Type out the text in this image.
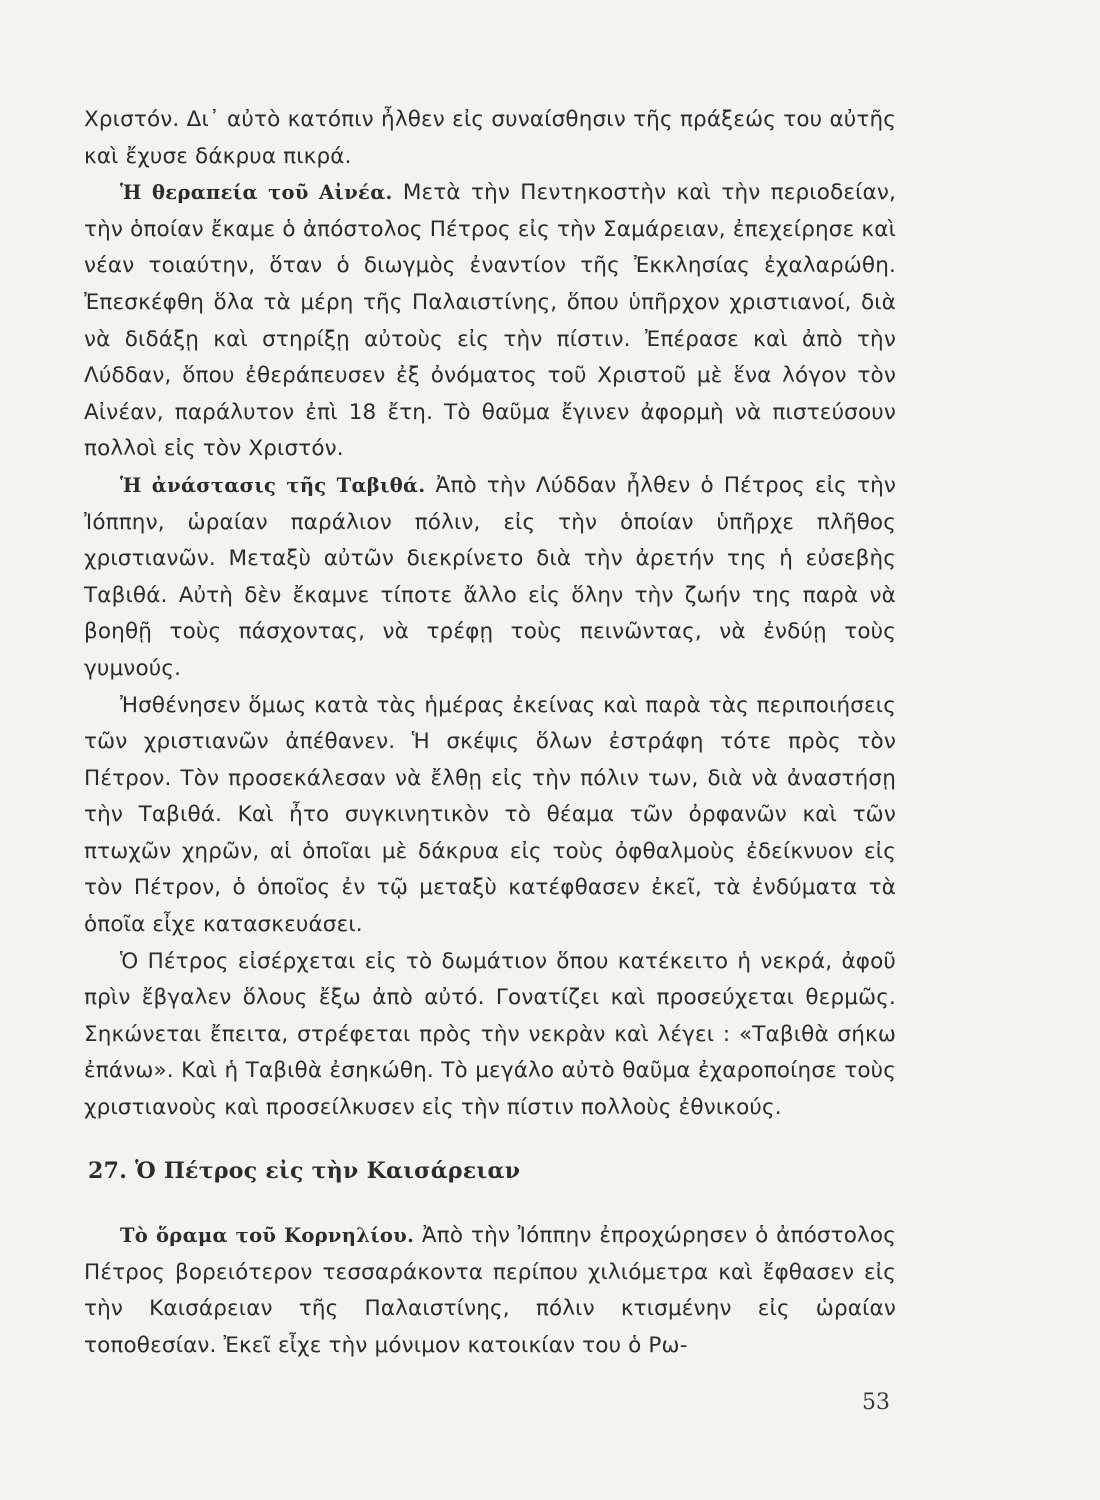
Χριστόν. Δι᾽ αὐτὸ κατόπιν ἦλθεν εἰς συναίσθησιν τῆς πράξεώς του αὐτῆς καὶ ἔχυσε δάκρυα πικρά.

Ἡ θεραπεία τοῦ Αἰνέα. Μετὰ τὴν Πεντηκοστὴν καὶ τὴν περιοδείαν, τὴν ὁποίαν ἔκαμε ὁ ἀπόστολος Πέτρος εἰς τὴν Σαμάρειαν, ἐπεχείρησε καὶ νέαν τοιαύτην, ὅταν ὁ διωγμὸς ἐναντίον τῆς Ἐκκλησίας ἐχαλαρώθη. Ἐπεσκέφθη ὅλα τὰ μέρη τῆς Παλαιστίνης, ὅπου ὑπῆρχον χριστιανοί, διὰ νὰ διδάξῃ καὶ στηρίξῃ αὐτοὺς εἰς τὴν πίστιν. Ἐπέρασε καὶ ἀπὸ τὴν Λύδδαν, ὅπου ἐθεράπευσεν ἐξ ὀνόματος τοῦ Χριστοῦ μὲ ἕνα λόγον τὸν Αἰνέαν, παράλυτον ἐπὶ 18 ἔτη. Τὸ θαῦμα ἔγινεν ἀφορμὴ νὰ πιστεύσουν πολλοὶ εἰς τὸν Χριστόν.

Ἡ ἀνάστασις τῆς Ταβιθά. Ἀπὸ τὴν Λύδδαν ἦλθεν ὁ Πέτρος εἰς τὴν Ἰόππην, ὡραίαν παράλιον πόλιν, εἰς τὴν ὁποίαν ὑπῆρχε πλῆθος χριστιανῶν. Μεταξὺ αὐτῶν διεκρίνετο διὰ τὴν ἀρετήν της ἡ εὐσεβὴς Ταβιθά. Αὐτὴ δὲν ἔκαμνε τίποτε ἄλλο εἰς ὅλην τὴν ζωήν της παρὰ νὰ βοηθῇ τοὺς πάσχοντας, νὰ τρέφῃ τοὺς πεινῶντας, νὰ ἐνδύῃ τοὺς γυμνούς.

Ἠσθένησεν ὅμως κατὰ τὰς ἡμέρας ἐκείνας καὶ παρὰ τὰς περιποιήσεις τῶν χριστιανῶν ἀπέθανεν. Ἡ σκέψις ὅλων ἐστράφη τότε πρὸς τὸν Πέτρον. Τὸν προσεκάλεσαν νὰ ἔλθῃ εἰς τὴν πόλιν των, διὰ νὰ ἀναστήσῃ τὴν Ταβιθά. Καὶ ἦτο συγκινητικὸν τὸ θέαμα τῶν ὀρφανῶν καὶ τῶν πτωχῶν χηρῶν, αἱ ὁποῖαι μὲ δάκρυα εἰς τοὺς ὀφθαλμοὺς ἐδείκνυον εἰς τὸν Πέτρον, ὁ ὁποῖος ἐν τῷ μεταξὺ κατέφθασεν ἐκεῖ, τὰ ἐνδύματα τὰ ὁποῖα εἶχε κατασκευάσει.

Ὁ Πέτρος εἰσέρχεται εἰς τὸ δωμάτιον ὅπου κατέκειτο ἡ νεκρά, ἀφοῦ πρὶν ἔβγαλεν ὅλους ἔξω ἀπὸ αὐτό. Γονατίζει καὶ προσεύχεται θερμῶς. Σηκώνεται ἔπειτα, στρέφεται πρὸς τὴν νεκρὰν καὶ λέγει : «Ταβιθὰ σήκω ἐπάνω». Καὶ ἡ Ταβιθὰ ἐσηκώθη. Τὸ μεγάλο αὐτὸ θαῦμα ἐχαροποίησε τοὺς χριστιανοὺς καὶ προσείλκυσεν εἰς τὴν πίστιν πολλοὺς ἐθνικούς.

27. Ὁ Πέτρος εἰς τὴν Καισάρειαν

Τὸ ὅραμα τοῦ Κορνηλίου. Ἀπὸ τὴν Ἰόππην ἐπροχώρησεν ὁ ἀπόστολος Πέτρος βορειότερον τεσσαράκοντα περίπου χιλιόμετρα καὶ ἔφθασεν εἰς τὴν Καισάρειαν τῆς Παλαιστίνης, πόλιν κτισμένην εἰς ὡραίαν τοποθεσίαν. Ἐκεῖ εἶχε τὴν μόνιμον κατοικίαν του ὁ Ρω-

53
